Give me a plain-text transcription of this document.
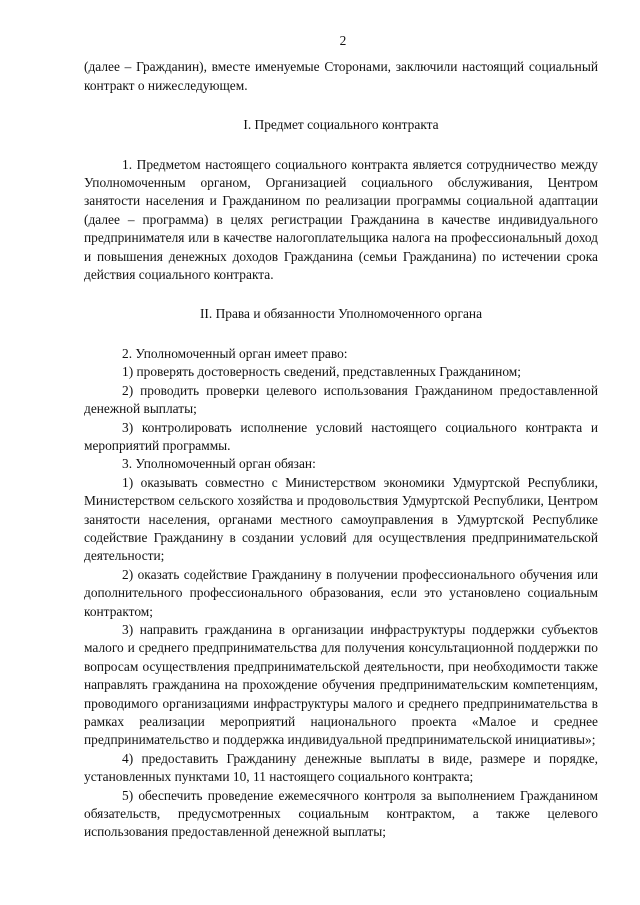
2

(далее – Гражданин), вместе именуемые Сторонами, заключили настоящий социальный контракт о нижеследующем.

I. Предмет социального контракта

1. Предметом настоящего социального контракта является сотрудничество между Уполномоченным органом, Организацией социального обслуживания, Центром занятости населения и Гражданином по реализации программы социальной адаптации (далее – программа) в целях регистрации Гражданина в качестве индивидуального предпринимателя или в качестве налогоплательщика налога на профессиональный доход и повышения денежных доходов Гражданина (семьи Гражданина) по истечении срока действия социального контракта.

II. Права и обязанности Уполномоченного органа

2. Уполномоченный орган имеет право:

1) проверять достоверность сведений, представленных Гражданином;

2) проводить проверки целевого использования Гражданином предоставленной денежной выплаты;

3) контролировать исполнение условий настоящего социального контракта и мероприятий программы.

3. Уполномоченный орган обязан:

1) оказывать совместно с Министерством экономики Удмуртской Республики, Министерством сельского хозяйства и продовольствия Удмуртской Республики, Центром занятости населения, органами местного самоуправления в Удмуртской Республике содействие Гражданину в создании условий для осуществления предпринимательской деятельности;

2) оказать содействие Гражданину в получении профессионального обучения или дополнительного профессионального образования, если это установлено социальным контрактом;

3) направить гражданина в организации инфраструктуры поддержки субъектов малого и среднего предпринимательства для получения консультационной поддержки по вопросам осуществления предпринимательской деятельности, при необходимости также направлять гражданина на прохождение обучения предпринимательским компетенциям, проводимого организациями инфраструктуры малого и среднего предпринимательства в рамках реализации мероприятий национального проекта «Малое и среднее предпринимательство и поддержка индивидуальной предпринимательской инициативы»;

4) предоставить Гражданину денежные выплаты в виде, размере и порядке, установленных пунктами 10, 11 настоящего социального контракта;

5) обеспечить проведение ежемесячного контроля за выполнением Гражданином обязательств, предусмотренных социальным контрактом, а также целевого использования предоставленной денежной выплаты;
